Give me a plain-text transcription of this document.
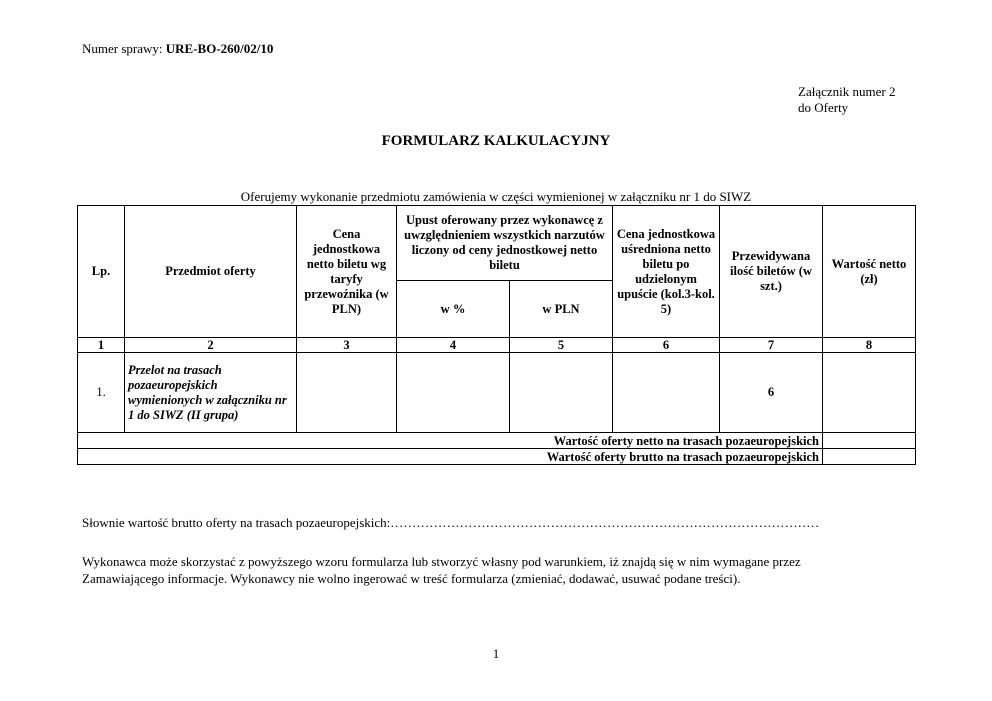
Numer sprawy: URE-BO-260/02/10
Załącznik numer 2
do Oferty
FORMULARZ KALKULACYJNY
Oferujemy wykonanie przedmiotu zamówienia w części wymienionej w załączniku nr 1 do SIWZ
Lp.	Przedmiot oferty	Cena jednostkowa netto biletu wg taryfy przewoźnika (w PLN)	Upust oferowany przez wykonawcę z uwzględnieniem wszystkich narzutów liczony od ceny jednostkowej netto biletu		Cena jednostkowa uśredniona netto biletu po udzielonym upuście (kol.3-kol. 5)	Przewidywana ilość biletów (w szt.)	Wartość netto (zł)
			w %	w PLN			
1	2	3	4	5	6	7	8
1.	Przelot na trasach pozaeuropejskich wymienionych w załączniku nr 1 do SIWZ (II grupa)					6	
Wartość oferty netto na trasach pozaeuropejskich							
Wartość oferty brutto na trasach pozaeuropejskich							
Słownie wartość brutto oferty na trasach pozaeuropejskich:………………………………………………………………………………………
Wykonawca może skorzystać z powyższego wzoru formularza lub stworzyć własny pod warunkiem, iż znajdą się w nim wymagane przez Zamawiającego informacje. Wykonawcy nie wolno ingerować w treść formularza (zmieniać, dodawać, usuwać podane treści).
1
